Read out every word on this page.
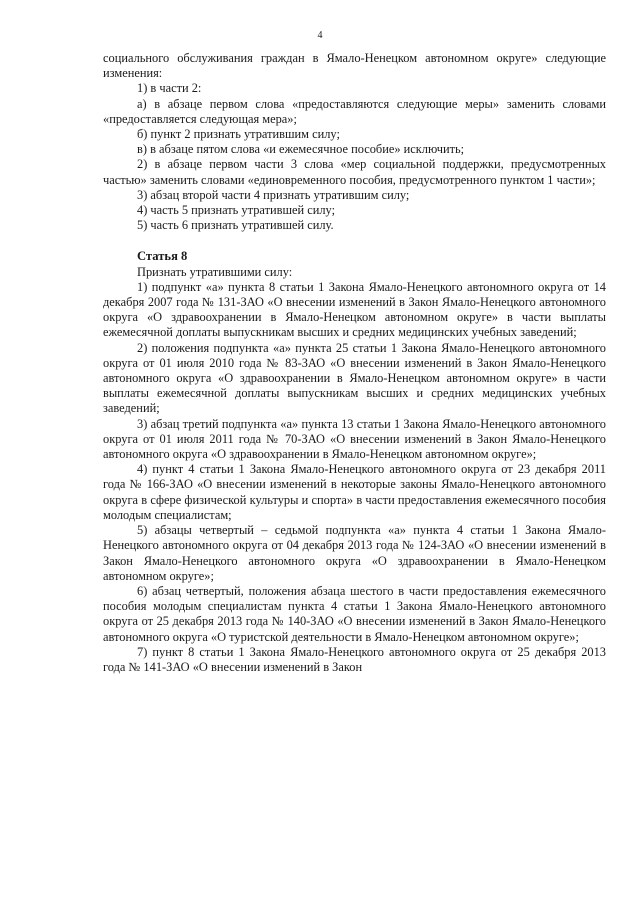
4

социального обслуживания граждан в Ямало-Ненецком автономном округе» следующие изменения:

1) в части 2:

а) в абзаце первом слова «предоставляются следующие меры» заменить словами «предоставляется следующая мера»;

б) пункт 2 признать утратившим силу;

в) в абзаце пятом слова «и ежемесячное пособие» исключить;

2) в абзаце первом части 3 слова «мер социальной поддержки, предусмотренных частью» заменить словами «единовременного пособия, предусмотренного пунктом 1 части»;

3) абзац второй части 4 признать утратившим силу;

4) часть 5 признать утратившей силу;

5) часть 6 признать утратившей силу.

Статья 8

Признать утратившими силу:

1) подпункт «а» пункта 8 статьи 1 Закона Ямало-Ненецкого автономного округа от 14 декабря 2007 года № 131-ЗАО «О внесении изменений в Закон Ямало-Ненецкого автономного округа «О здравоохранении в Ямало-Ненецком автономном округе» в части выплаты ежемесячной доплаты выпускникам высших и средних медицинских учебных заведений;

2) положения подпункта «а» пункта 25 статьи 1 Закона Ямало-Ненецкого автономного округа от 01 июля 2010 года № 83-ЗАО «О внесении изменений в Закон Ямало-Ненецкого автономного округа «О здравоохранении в Ямало-Ненецком автономном округе» в части выплаты ежемесячной доплаты выпускникам высших и средних медицинских учебных заведений;

3) абзац третий подпункта «а» пункта 13 статьи 1 Закона Ямало-Ненецкого автономного округа от 01 июля 2011 года № 70-ЗАО «О внесении изменений в Закон Ямало-Ненецкого автономного округа «О здравоохранении в Ямало-Ненецком автономном округе»;

4) пункт 4 статьи 1 Закона Ямало-Ненецкого автономного округа от 23 декабря 2011 года № 166-ЗАО «О внесении изменений в некоторые законы Ямало-Ненецкого автономного округа в сфере физической культуры и спорта» в части предоставления ежемесячного пособия молодым специалистам;

5) абзацы четвертый – седьмой подпункта «а» пункта 4 статьи 1 Закона Ямало-Ненецкого автономного округа от 04 декабря 2013 года № 124-ЗАО «О внесении изменений в Закон Ямало-Ненецкого автономного округа «О здравоохранении в Ямало-Ненецком автономном округе»;

6) абзац четвертый, положения абзаца шестого в части предоставления ежемесячного пособия молодым специалистам пункта 4 статьи 1 Закона Ямало-Ненецкого автономного округа от 25 декабря 2013 года № 140-ЗАО «О внесении изменений в Закон Ямало-Ненецкого автономного округа «О туристской деятельности в Ямало-Ненецком автономном округе»;

7) пункт 8 статьи 1 Закона Ямало-Ненецкого автономного округа от 25 декабря 2013 года № 141-ЗАО «О внесении изменений в Закон
